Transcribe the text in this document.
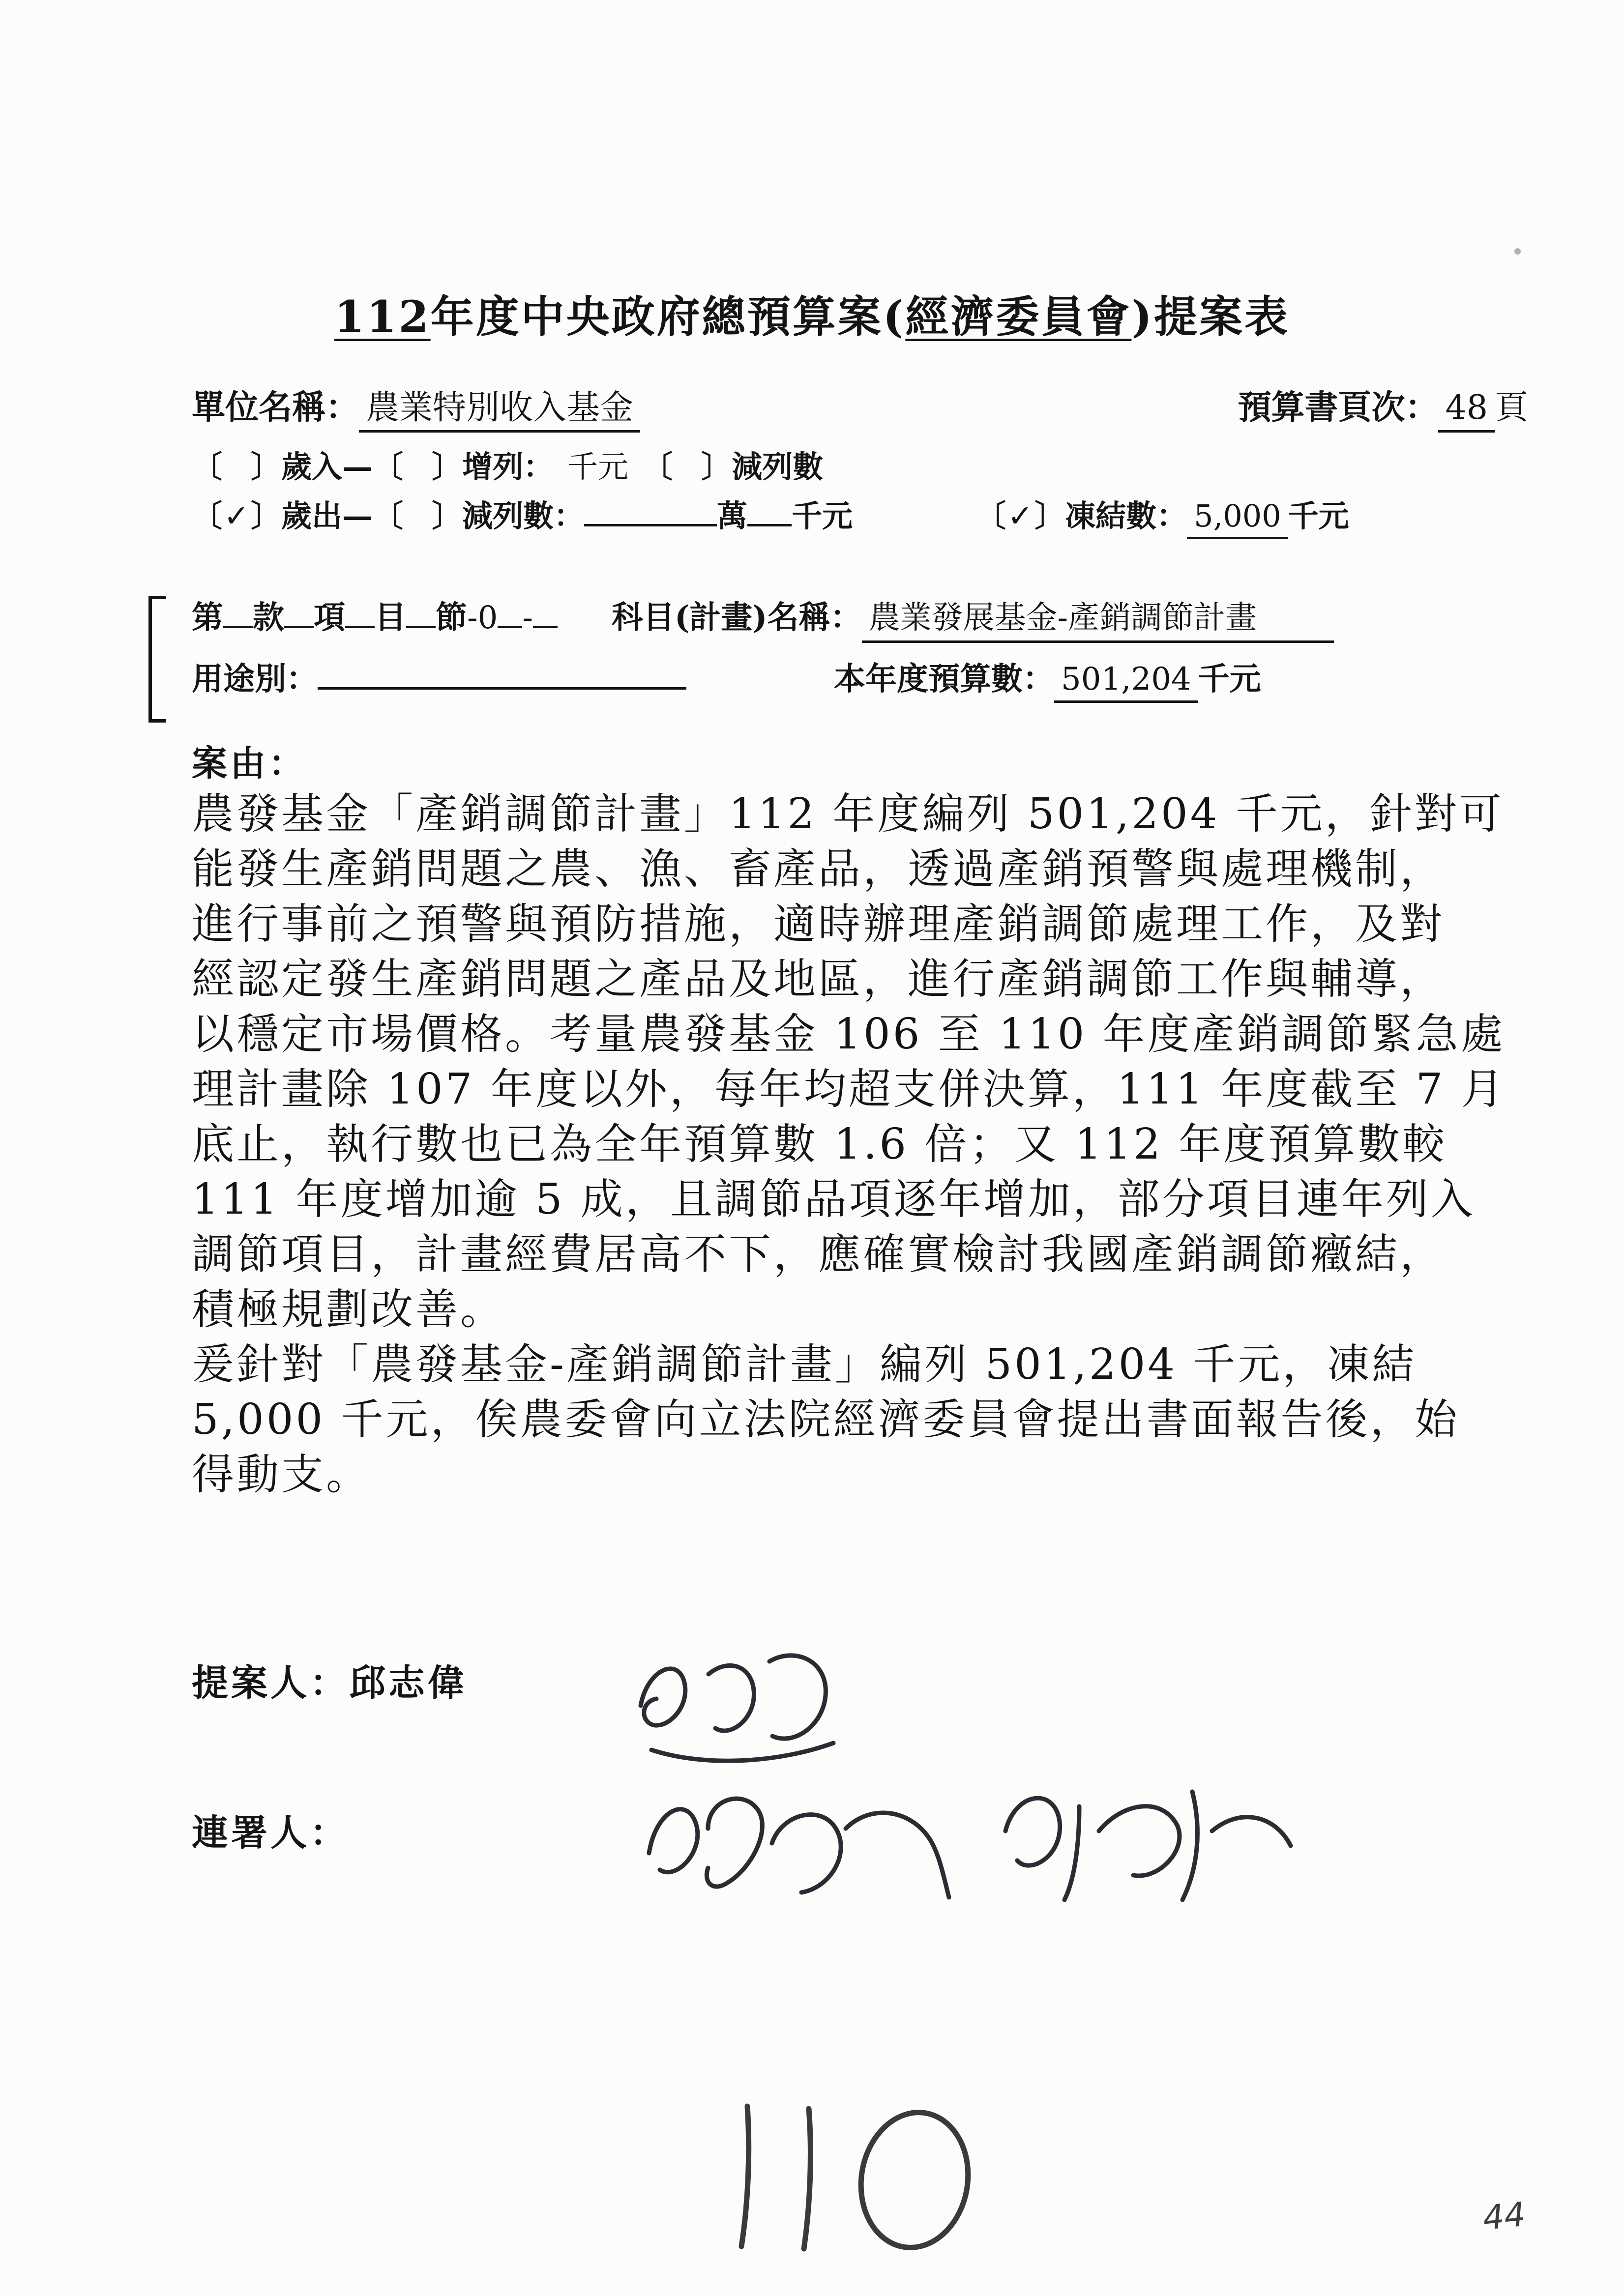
112年度中央政府總預算案(經濟委員會)提案表
單位名稱： 農業特別收入基金	預算書頁次： 48 頁
〔 〕歲入—〔 〕增列： 千元 〔 〕減列數
〔✓〕歲出—〔 〕減列數：	萬 千元	〔✓〕凍結數： 5,000 千元
第 款 項 目 節-0 -	科目(計畫)名稱： 農業發展基金-產銷調節計畫
用途別：	本年度預算數： 501,204 千元
案由：
農發基金「產銷調節計畫」112 年度編列 501,204 千元，針對可
能發生產銷問題之農、漁、畜產品，透過產銷預警與處理機制，
進行事前之預警與預防措施，適時辦理產銷調節處理工作，及對
經認定發生產銷問題之產品及地區，進行產銷調節工作與輔導，
以穩定市場價格。考量農發基金 106 至 110 年度產銷調節緊急處
理計畫除 107 年度以外，每年均超支併決算，111 年度截至 7 月
底止，執行數也已為全年預算數 1.6 倍；又 112 年度預算數較
111 年度增加逾 5 成，且調節品項逐年增加，部分項目連年列入
調節項目，計畫經費居高不下，應確實檢討我國產銷調節癥結，
積極規劃改善。
爰針對「農發基金-產銷調節計畫」編列 501,204 千元，凍結
5,000 千元，俟農委會向立法院經濟委員會提出書面報告後，始
得動支。
提案人：邱志偉
連署人：
44
